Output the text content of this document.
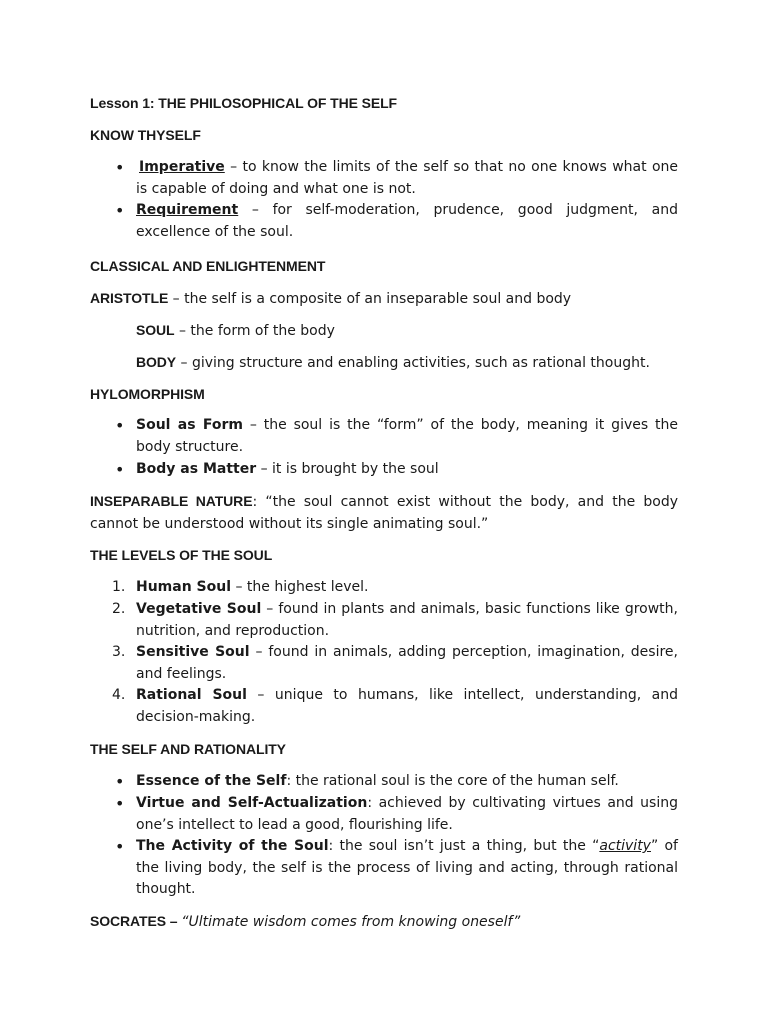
Lesson 1: THE PHILOSOPHICAL OF THE SELF

KNOW THYSELF

• Imperative – to know the limits of the self so that no one knows what one is capable of doing and what one is not.
• Requirement – for self-moderation, prudence, good judgment, and excellence of the soul.

CLASSICAL AND ENLIGHTENMENT

ARISTOTLE – the self is a composite of an inseparable soul and body

SOUL – the form of the body

BODY – giving structure and enabling activities, such as rational thought.

HYLOMORPHISM

• Soul as Form – the soul is the “form” of the body, meaning it gives the body structure.
• Body as Matter – it is brought by the soul

INSEPARABLE NATURE: “the soul cannot exist without the body, and the body cannot be understood without its single animating soul.”

THE LEVELS OF THE SOUL

1. Human Soul – the highest level.
2. Vegetative Soul – found in plants and animals, basic functions like growth, nutrition, and reproduction.
3. Sensitive Soul – found in animals, adding perception, imagination, desire, and feelings.
4. Rational Soul – unique to humans, like intellect, understanding, and decision-making.

THE SELF AND RATIONALITY

• Essence of the Self: the rational soul is the core of the human self.
• Virtue and Self-Actualization: achieved by cultivating virtues and using one’s intellect to lead a good, flourishing life.
• The Activity of the Soul: the soul isn’t just a thing, but the “activity” of the living body, the self is the process of living and acting, through rational thought.

SOCRATES – “Ultimate wisdom comes from knowing oneself”
